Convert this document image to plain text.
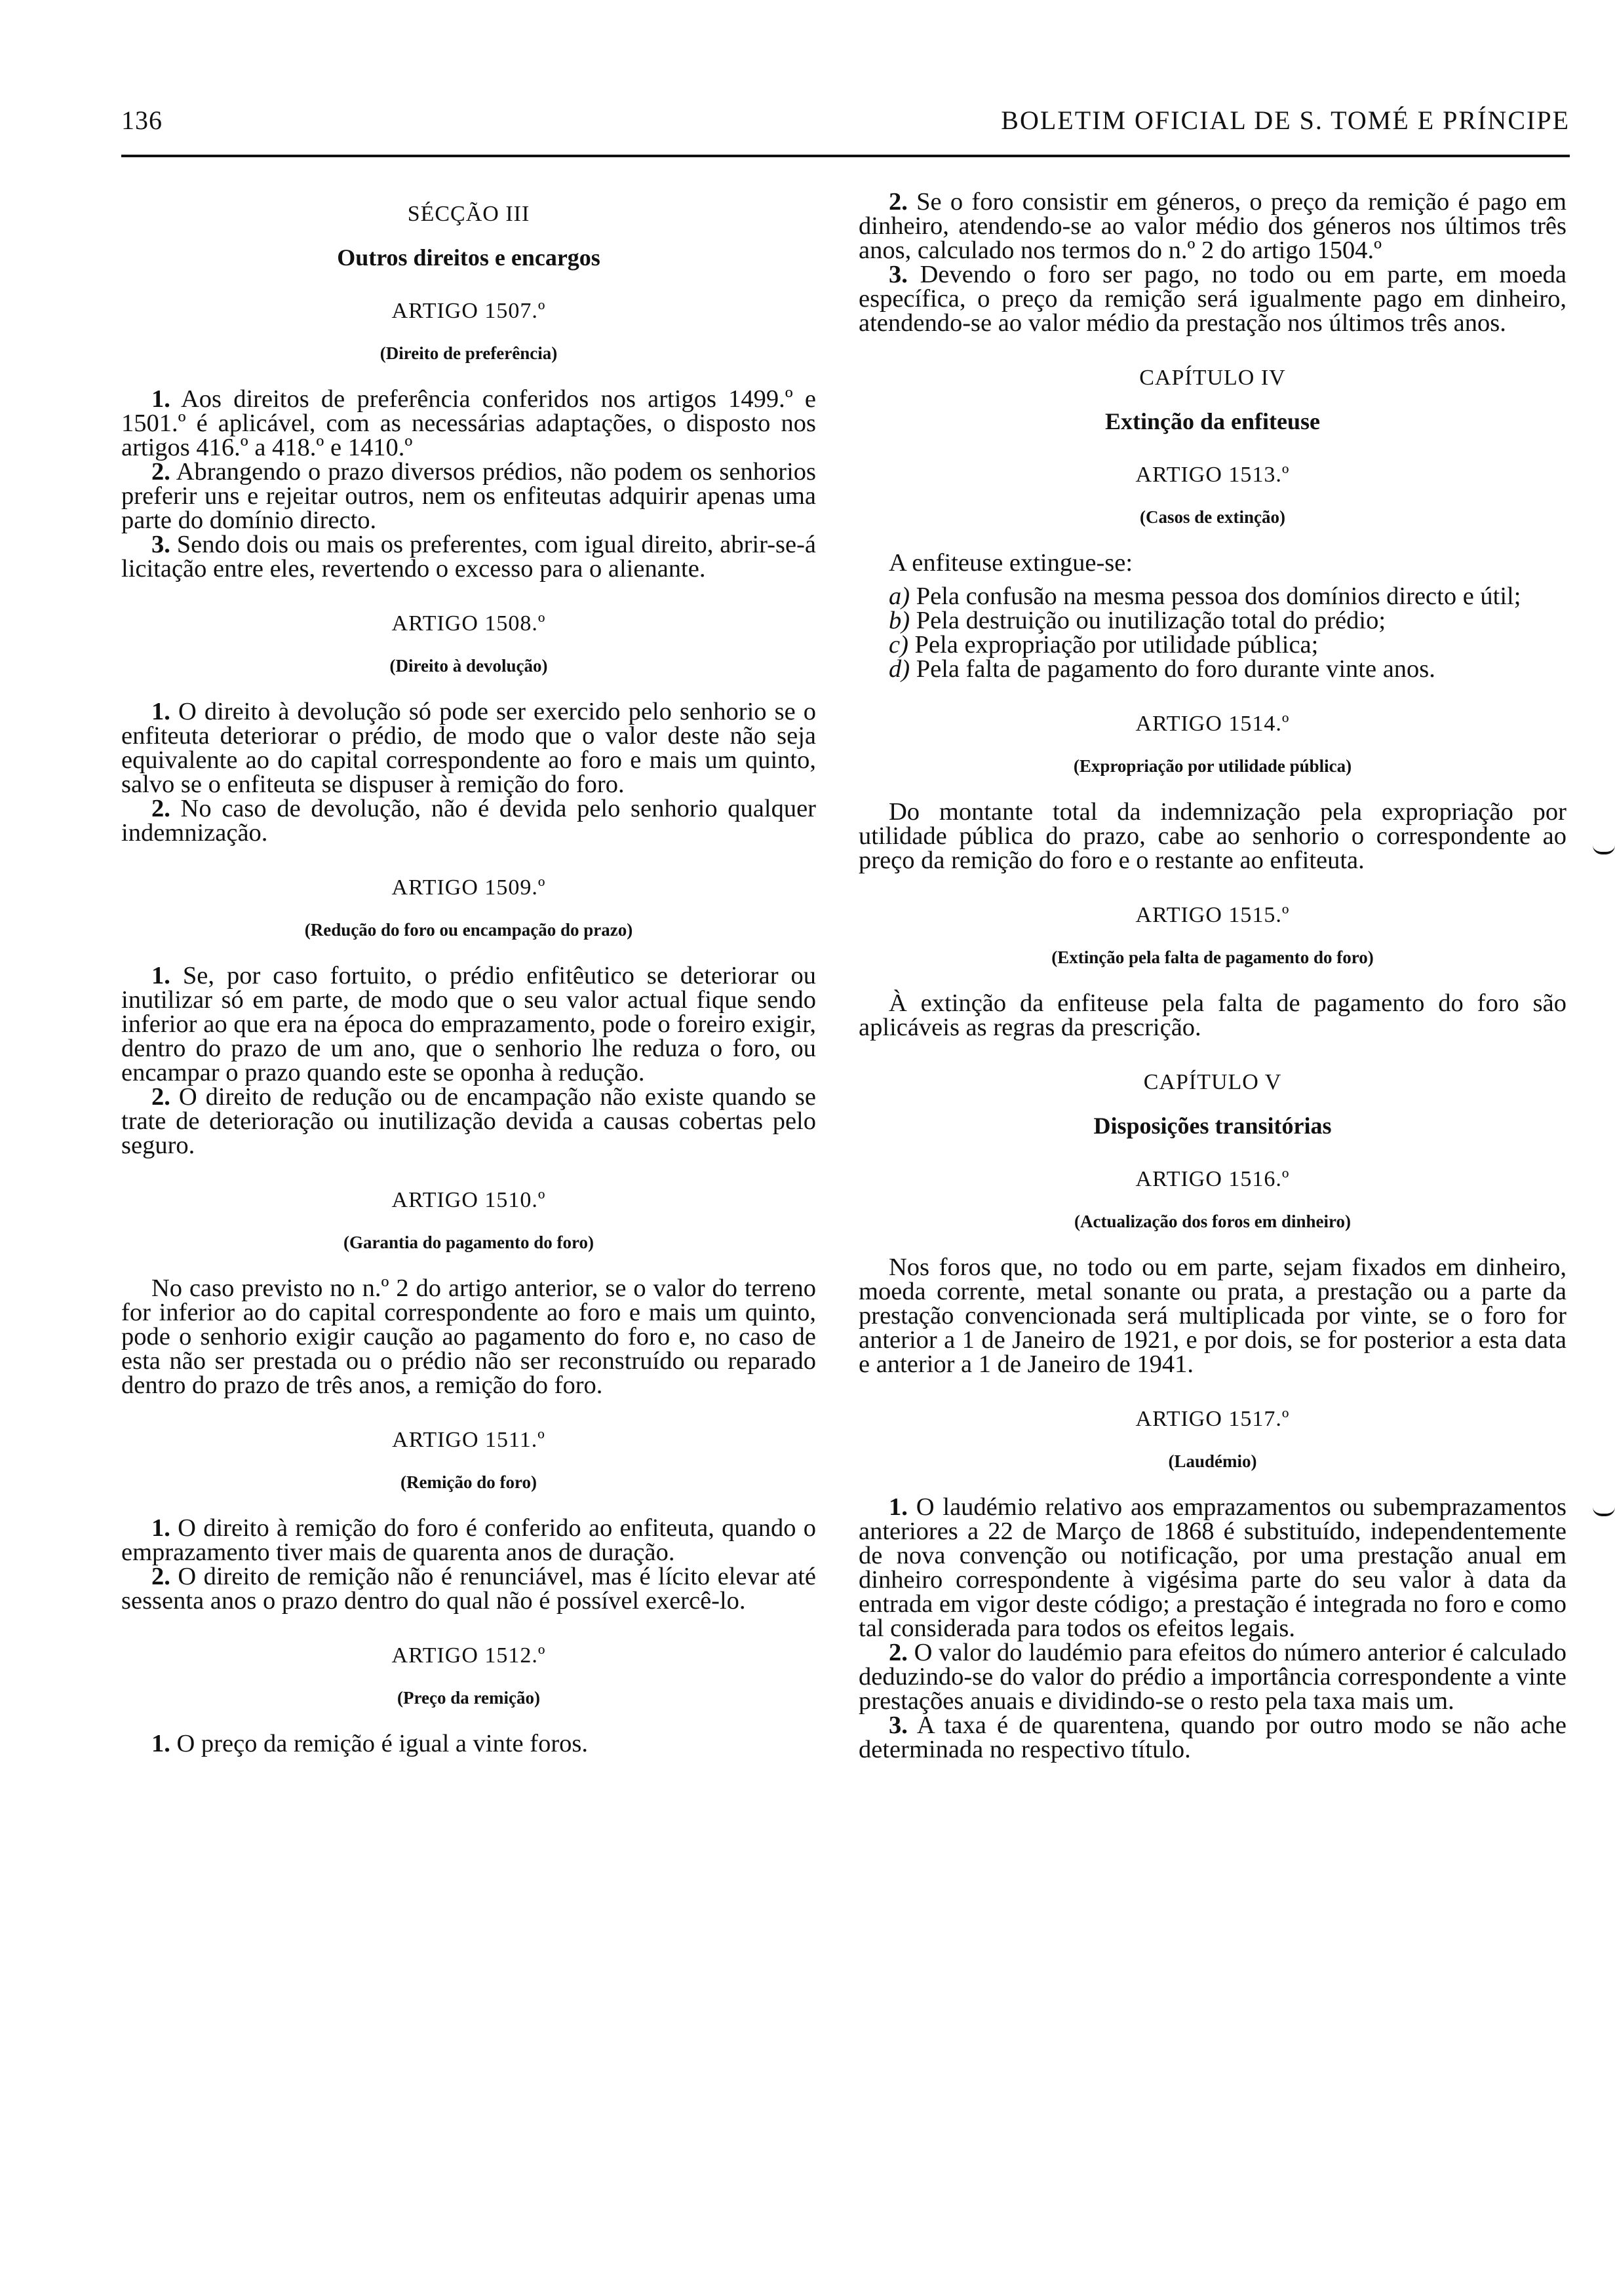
136	BOLETIM OFICIAL DE S. TOMÉ E PRÍNCIPE
SÉCÇÃO III
Outros direitos e encargos
ARTIGO 1507.º
(Direito de preferência)

1. Aos direitos de preferência conferidos nos artigos 1499.º e 1501.º é aplicável, com as necessárias adaptações, o disposto nos artigos 416.º a 418.º e 1410.º

2. Abrangendo o prazo diversos prédios, não podem os senhorios preferir uns e rejeitar outros, nem os enfiteutas adquirir apenas uma parte do domínio directo.

3. Sendo dois ou mais os preferentes, com igual direito, abrir-se-á licitação entre eles, revertendo o excesso para o alienante.

ARTIGO 1508.º
(Direito à devolução)

1. O direito à devolução só pode ser exercido pelo senhorio se o enfiteuta deteriorar o prédio, de modo que o valor deste não seja equivalente ao do capital correspondente ao foro e mais um quinto, salvo se o enfiteuta se dispuser à remição do foro.

2. No caso de devolução, não é devida pelo senhorio qualquer indemnização.

ARTIGO 1509.º
(Redução do foro ou encampação do prazo)

1. Se, por caso fortuito, o prédio enfitêutico se deteriorar ou inutilizar só em parte, de modo que o seu valor actual fique sendo inferior ao que era na época do emprazamento, pode o foreiro exigir, dentro do prazo de um ano, que o senhorio lhe reduza o foro, ou encampar o prazo quando este se oponha à redução.

2. O direito de redução ou de encampação não existe quando se trate de deterioração ou inutilização devida a causas cobertas pelo seguro.

ARTIGO 1510.º
(Garantia do pagamento do foro)

No caso previsto no n.º 2 do artigo anterior, se o valor do terreno for inferior ao do capital correspondente ao foro e mais um quinto, pode o senhorio exigir caução ao pagamento do foro e, no caso de esta não ser prestada ou o prédio não ser reconstruído ou reparado dentro do prazo de três anos, a remição do foro.

ARTIGO 1511.º
(Remição do foro)

1. O direito à remição do foro é conferido ao enfiteuta, quando o emprazamento tiver mais de quarenta anos de duração.

2. O direito de remição não é renunciável, mas é lícito elevar até sessenta anos o prazo dentro do qual não é possível exercê-lo.

ARTIGO 1512.º
(Preço da remição)

1. O preço da remição é igual a vinte foros.

2. Se o foro consistir em géneros, o preço da remição é pago em dinheiro, atendendo-se ao valor médio dos géneros nos últimos três anos, calculado nos termos do n.º 2 do artigo 1504.º

3. Devendo o foro ser pago, no todo ou em parte, em moeda específica, o preço da remição será igualmente pago em dinheiro, atendendo-se ao valor médio da prestação nos últimos três anos.

CAPÍTULO IV
Extinção da enfiteuse
ARTIGO 1513.º
(Casos de extinção)

A enfiteuse extingue-se:

a) Pela confusão na mesma pessoa dos domínios directo e útil;

b) Pela destruição ou inutilização total do prédio;

c) Pela expropriação por utilidade pública;

d) Pela falta de pagamento do foro durante vinte anos.

ARTIGO 1514.º
(Expropriação por utilidade pública)

Do montante total da indemnização pela expropriação por utilidade pública do prazo, cabe ao senhorio o correspondente ao preço da remição do foro e o restante ao enfiteuta.

ARTIGO 1515.º
(Extinção pela falta de pagamento do foro)

À extinção da enfiteuse pela falta de pagamento do foro são aplicáveis as regras da prescrição.

CAPÍTULO V
Disposições transitórias
ARTIGO 1516.º
(Actualização dos foros em dinheiro)

Nos foros que, no todo ou em parte, sejam fixados em dinheiro, moeda corrente, metal sonante ou prata, a prestação ou a parte da prestação convencionada será multiplicada por vinte, se o foro for anterior a 1 de Janeiro de 1921, e por dois, se for posterior a esta data e anterior a 1 de Janeiro de 1941.

ARTIGO 1517.º
(Laudémio)

1. O laudémio relativo aos emprazamentos ou subemprazamentos anteriores a 22 de Março de 1868 é substituído, independentemente de nova convenção ou notificação, por uma prestação anual em dinheiro correspondente à vigésima parte do seu valor à data da entrada em vigor deste código; a prestação é integrada no foro e como tal considerada para todos os efeitos legais.

2. O valor do laudémio para efeitos do número anterior é calculado deduzindo-se do valor do prédio a importância correspondente a vinte prestações anuais e dividindo-se o resto pela taxa mais um.

3. A taxa é de quarentena, quando por outro modo se não ache determinada no respectivo título.
